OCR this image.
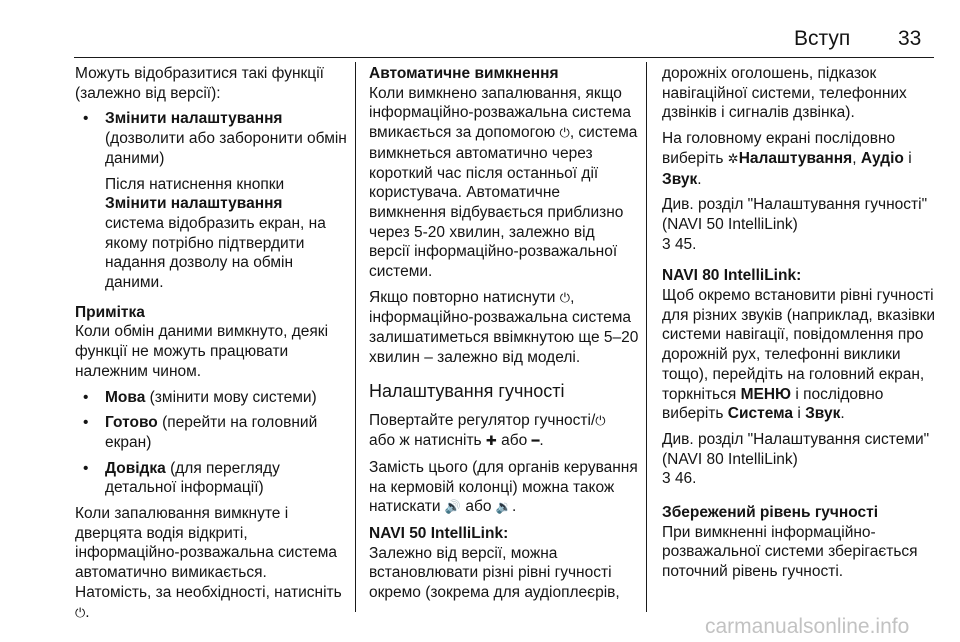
Вступ 33

Можуть відобразитися такі функції (залежно від версії):

• Змінити налаштування
(дозволити або заборонити обмін даними)

Після натиснення кнопки
Змінити налаштування
система відобразить екран, на якому потрібно підтвердити надання дозволу на обмін даними.

Примітка
Коли обмін даними вимкнуто, деякі функції не можуть працювати належним чином.

• Мова (змінити мову системи)
• Готово (перейти на головний екран)
• Довідка (для перегляду детальної інформації)

Коли запалювання вимкнуте і дверцята водія відкриті, інформаційно-розважальна система автоматично вимикається. Натомість, за необхідності, натисніть ⏻.

Автоматичне вимкнення
Коли вимкнено запалювання, якщо інформаційно-розважальна система вмикається за допомогою ⏻, система вимкнеться автоматично через короткий час після останньої дії користувача. Автоматичне вимкнення відбувається приблизно через 5-20 хвилин, залежно від версії інформаційно-розважальної системи.

Якщо повторно натиснути ⏻, інформаційно-розважальна система залишатиметься ввімкнутою ще 5–20 хвилин – залежно від моделі.

Налаштування гучності

Повертайте регулятор гучності/⏻
або ж натисніть ✚ або ━.

Замість цього (для органів керування на кермовій колонці) можна також натискати 🔊 або 🔉.

NAVI 50 IntelliLink:
Залежно від версії, можна встановлювати різні рівні гучності окремо (зокрема для аудіоплеєрів,

дорожніх оголошень, підказок навігаційної системи, телефонних дзвінків і сигналів дзвінка).

На головному екрані послідовно виберіть ✲Налаштування, Аудіо і Звук.

Див. розділ "Налаштування гучності" (NAVI 50 IntelliLink)
3 45.

NAVI 80 IntelliLink:
Щоб окремо встановити рівні гучності для різних звуків (наприклад, вказівки системи навігації, повідомлення про дорожній рух, телефонні виклики тощо), перейдіть на головний екран, торкніться МЕНЮ і послідовно виберіть Система і Звук.

Див. розділ "Налаштування системи" (NAVI 80 IntelliLink)
3 46.

Збережений рівень гучності
При вимкненні інформаційно-розважальної системи зберігається поточний рівень гучності.

carmanualsonline.info
